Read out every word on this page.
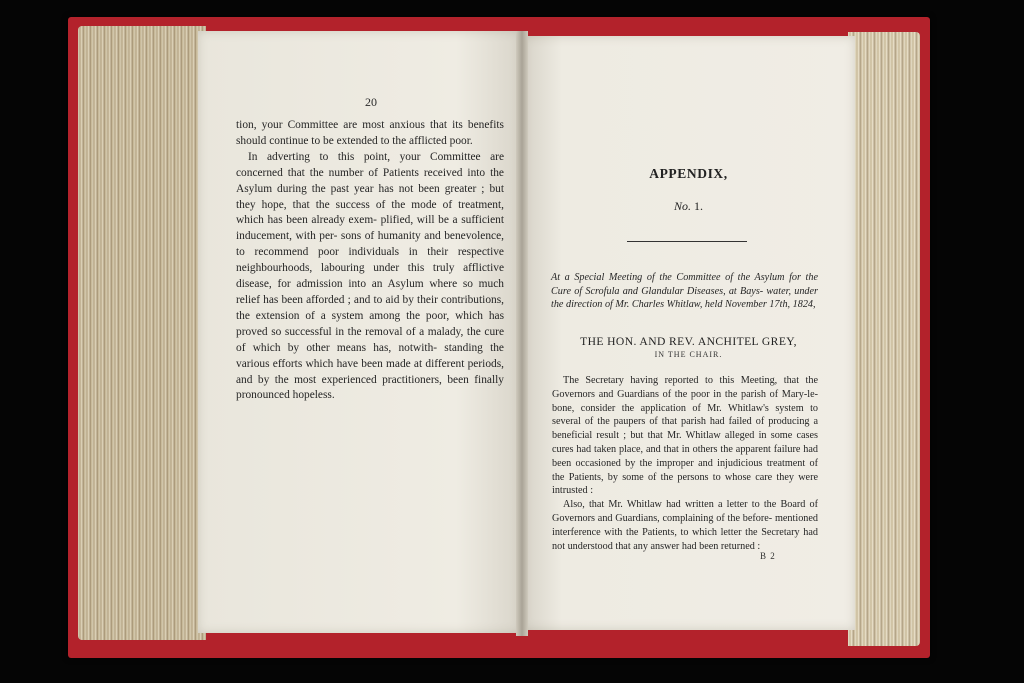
20

tion, your Committee are most anxious that its benefits should continue to be extended to the afflicted poor.

In adverting to this point, your Committee are concerned that the number of Patients received into the Asylum during the past year has not been greater ; but they hope, that the success of the mode of treatment, which has been already exem- plified, will be a sufficient inducement, with per- sons of humanity and benevolence, to recommend poor individuals in their respective neighbourhoods, labouring under this truly afflictive disease, for admission into an Asylum where so much relief has been afforded ; and to aid by their contributions, the extension of a system among the poor, which has proved so successful in the removal of a malady, the cure of which by other means has, notwith- standing the various efforts which have been made at different periods, and by the most experienced practitioners, been finally pronounced hopeless.

APPENDIX,
No. 1.
At a Special Meeting of the Committee of the Asylum for the Cure of Scrofula and Glandular Diseases, at Bays- water, under the direction of Mr. Charles Whitlaw, held November 17th, 1824,
THE HON. AND REV. ANCHITEL GREY,
IN THE CHAIR.

The Secretary having reported to this Meeting, that the Governors and Guardians of the poor in the parish of Mary-le-bone, consider the application of Mr. Whitlaw's system to several of the paupers of that parish had failed of producing a beneficial result ; but that Mr. Whitlaw alleged in some cases cures had taken place, and that in others the apparent failure had been occasioned by the improper and injudicious treatment of the Patients, by some of the persons to whose care they were intrusted :

Also, that Mr. Whitlaw had written a letter to the Board of Governors and Guardians, complaining of the before- mentioned interference with the Patients, to which letter the Secretary had not understood that any answer had been returned :

B 2
